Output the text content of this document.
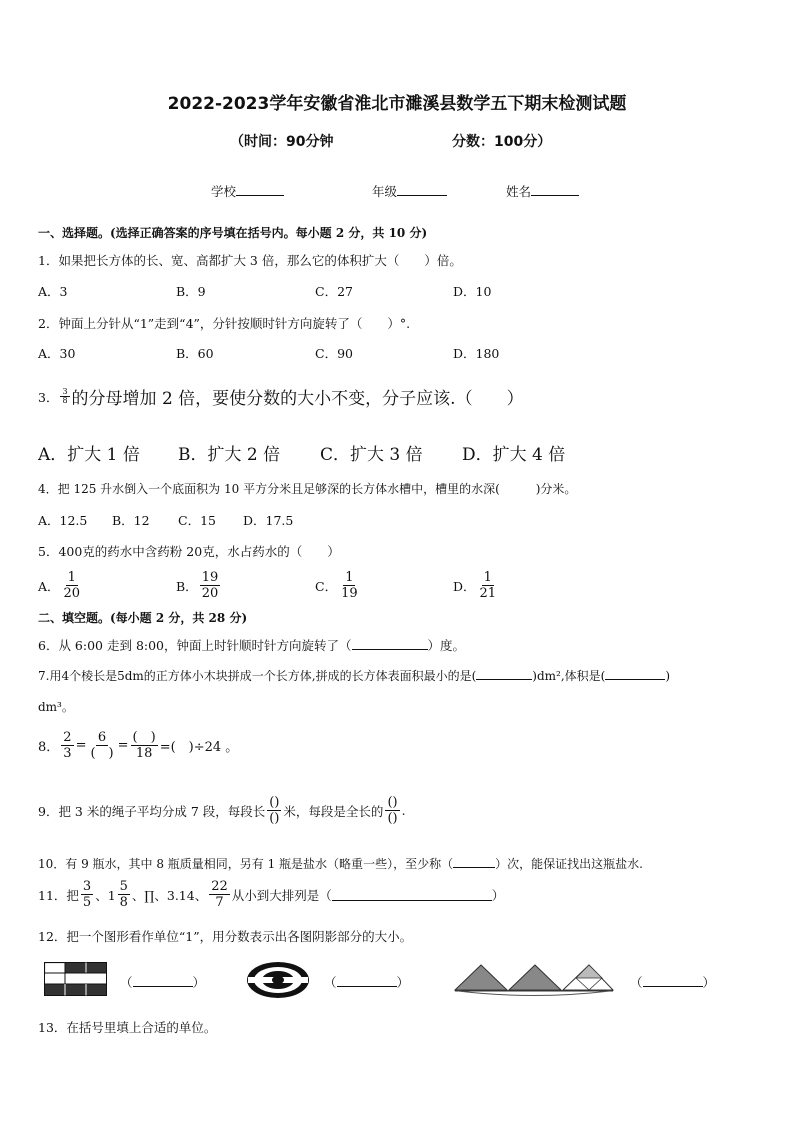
2022-2023学年安徽省淮北市濉溪县数学五下期末检测试题
（时间：90分钟	分数：100分）
学校	年级	姓名
一、选择题。(选择正确答案的序号填在括号内。每小题 2 分，共 10 分)
1．如果把长方体的长、宽、高都扩大 3 倍，那么它的体积扩大（　　）倍。
A．3	B．9	C．27	D．10
2．钟面上分针从“1”走到“4”，分针按顺时针方向旋转了（　　）°.
A．30	B．60	C．90	D．180
3． $\frac{3}{8}$ 的分母增加 2 倍，要使分数的大小不变，分子应该.（　　）
A．扩大 1 倍 B．扩大 2 倍 C．扩大 3 倍 D．扩大 4 倍
4．把 125 升水倒入一个底面积为 10 平方分米且足够深的长方体水槽中，槽里的水深(　　　)分米。
A．12.5 B．12 C．15 D．17.5
5．400克的药水中含药粉 20克，水占药水的（　　）
A． $\frac{1}{20}$	B． $\frac{19}{20}$	C． $\frac{1}{19}$	D． $\frac{1}{21}$
二、填空题。(每小题 2 分，共 28 分)
6．从 6:00 走到 8:00，钟面上时针顺时针方向旋转了（	）度。
7.用4个棱长是5dm的正方体小木块拼成一个长方体,拼成的长方体表面积最小的是(	)dm²,体积是(	)
dm³。
8． $\frac{2}{3} = \frac{6}{( )} = \frac{( )}{18}$ =(　)÷24 。
9．把 3 米的绳子平均分成 7 段，每段长 $\frac{()}{()}$ 米，每段是全长的 $\frac{()}{()}$ .
10．有 9 瓶水，其中 8 瓶质量相同，另有 1 瓶是盐水（略重一些），至少称（	）次，能保证找出这瓶盐水.
11．把 $\frac{3}{5}$ 、$1 \frac{5}{8}$ 、∏、3.14、 $\frac{22}{7}$ 从小到大排列是（	）
12．把一个图形看作单位“1”，用分数表示出各图阴影部分的大小。
（	）	（	）	（	）
13．在括号里填上合适的单位。
